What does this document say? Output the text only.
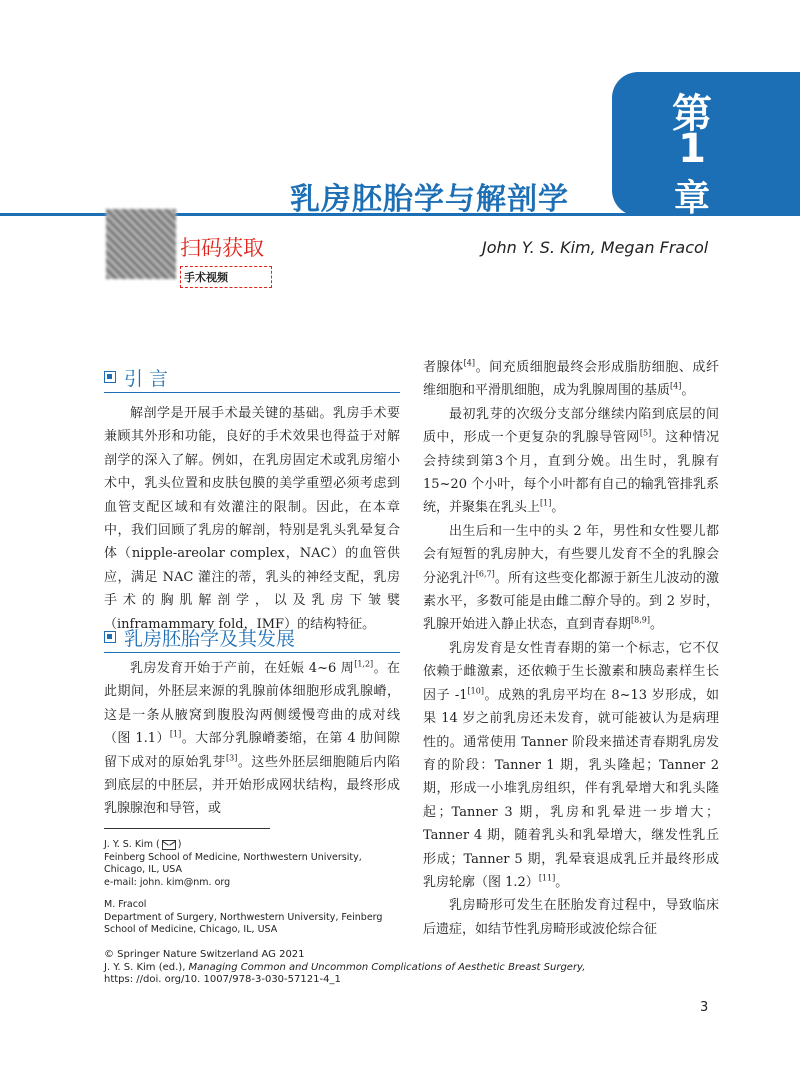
第
1
章
乳房胚胎学与解剖学
John Y. S. Kim, Megan Fracol
扫码获取
手术视频
引 言

解剖学是开展手术最关键的基础。乳房手术要兼顾其外形和功能，良好的手术效果也得益于对解剖学的深入了解。例如，在乳房固定术或乳房缩小术中，乳头位置和皮肤包膜的美学重塑必须考虑到血管支配区域和有效灌注的限制。因此，在本章中，我们回顾了乳房的解剖，特别是乳头乳晕复合体（nipple-areolar complex，NAC）的血管供应，满足 NAC 灌注的蒂，乳头的神经支配，乳房手术的胸肌解剖学，以及乳房下皱襞（inframammary fold，IMF）的结构特征。

乳房胚胎学及其发展

乳房发育开始于产前，在妊娠 4~6 周[1,2]。在此期间，外胚层来源的乳腺前体细胞形成乳腺嵴，这是一条从腋窝到腹股沟两侧缓慢弯曲的成对线（图 1.1）[1]。大部分乳腺嵴萎缩，在第 4 肋间隙留下成对的原始乳芽[3]。这些外胚层细胞随后内陷到底层的中胚层，并开始形成网状结构，最终形成乳腺腺泡和导管，或

者腺体[4]。间充质细胞最终会形成脂肪细胞、成纤维细胞和平滑肌细胞，成为乳腺周围的基质[4]。

最初乳芽的次级分支部分继续内陷到底层的间质中，形成一个更复杂的乳腺导管网[5]。这种情况会持续到第3个月，直到分娩。出生时，乳腺有 15~20 个小叶，每个小叶都有自己的输乳管排乳系统，并聚集在乳头上[1]。

出生后和一生中的头 2 年，男性和女性婴儿都会有短暂的乳房肿大，有些婴儿发育不全的乳腺会分泌乳汁[6,7]。所有这些变化都源于新生儿波动的激素水平，多数可能是由雌二醇介导的。到 2 岁时，乳腺开始进入静止状态，直到青春期[8,9]。

乳房发育是女性青春期的第一个标志，它不仅依赖于雌激素，还依赖于生长激素和胰岛素样生长因子 -1[10]。成熟的乳房平均在 8~13 岁形成，如果 14 岁之前乳房还未发育，就可能被认为是病理性的。通常使用 Tanner 阶段来描述青春期乳房发育的阶段：Tanner 1 期，乳头隆起；Tanner 2 期，形成一小堆乳房组织，伴有乳晕增大和乳头隆起；Tanner 3 期，乳房和乳晕进一步增大；Tanner 4 期，随着乳头和乳晕增大，继发性乳丘形成；Tanner 5 期，乳晕衰退成乳丘并最终形成乳房轮廓（图 1.2）[11]。

乳房畸形可发生在胚胎发育过程中，导致临床后遗症，如结节性乳房畸形或波伦综合征

J. Y. S. Kim ( )
Feinberg School of Medicine, Northwestern University,
Chicago, IL, USA
e-mail: john. kim@nm. org
M. Fracol
Department of Surgery, Northwestern University, Feinberg
School of Medicine, Chicago, IL, USA
© Springer Nature Switzerland AG 2021
J. Y. S. Kim (ed.), Managing Common and Uncommon Complications of Aesthetic Breast Surgery,
https: //doi. org/10. 1007/978-3-030-57121-4_1
3
